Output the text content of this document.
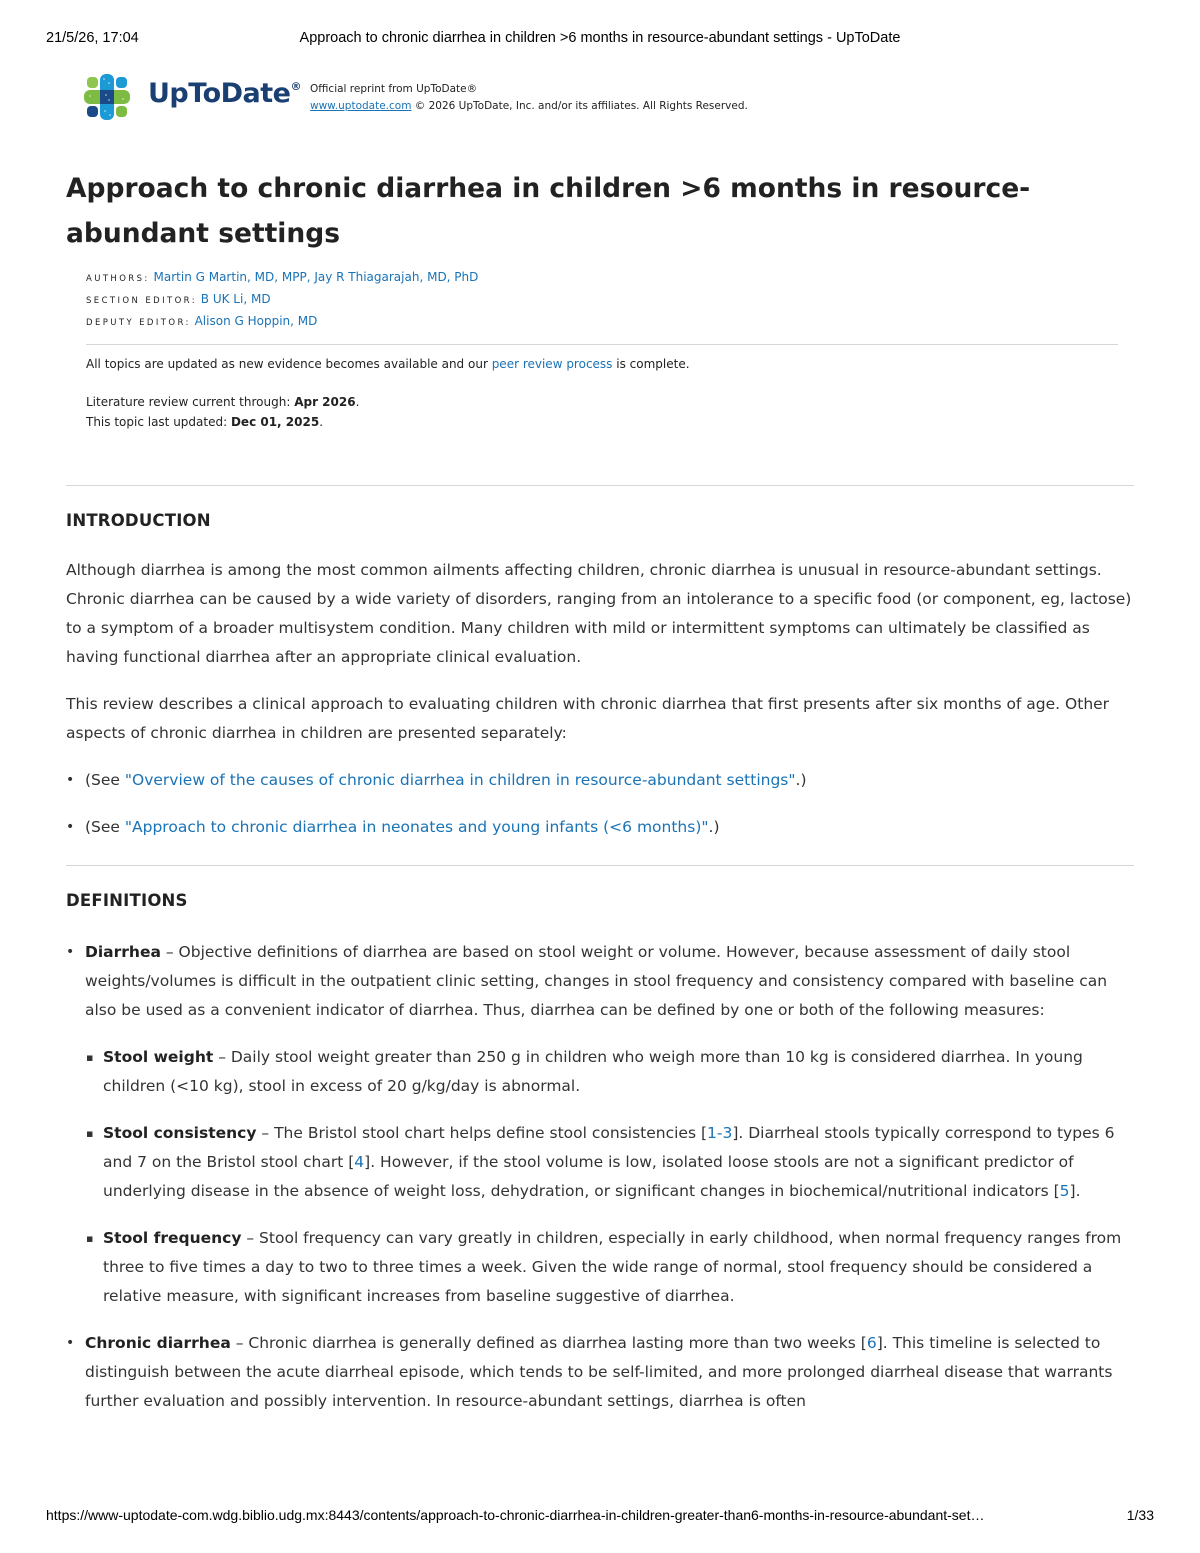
21/5/26, 17:04	Approach to chronic diarrhea in children >6 months in resource-abundant settings - UpToDate
UpToDate® Official reprint from UpToDate®
www.uptodate.com © 2026 UpToDate, Inc. and/or its affiliates. All Rights Reserved.
Approach to chronic diarrhea in children >6 months in resource-abundant settings
AUTHORS: Martin G Martin, MD, MPP, Jay R Thiagarajah, MD, PhD
SECTION EDITOR: B UK Li, MD
DEPUTY EDITOR: Alison G Hoppin, MD
All topics are updated as new evidence becomes available and our peer review process is complete.
Literature review current through: Apr 2026.
This topic last updated: Dec 01, 2025.
INTRODUCTION

Although diarrhea is among the most common ailments affecting children, chronic diarrhea is unusual in resource-abundant settings. Chronic diarrhea can be caused by a wide variety of disorders, ranging from an intolerance to a specific food (or component, eg, lactose) to a symptom of a broader multisystem condition. Many children with mild or intermittent symptoms can ultimately be classified as having functional diarrhea after an appropriate clinical evaluation.

This review describes a clinical approach to evaluating children with chronic diarrhea that first presents after six months of age. Other aspects of chronic diarrhea in children are presented separately:

• (See "Overview of the causes of chronic diarrhea in children in resource-abundant settings".)
• (See "Approach to chronic diarrhea in neonates and young infants (<6 months)".)
DEFINITIONS
• Diarrhea – Objective definitions of diarrhea are based on stool weight or volume. However, because assessment of daily stool weights/volumes is difficult in the outpatient clinic setting, changes in stool frequency and consistency compared with baseline can also be used as a convenient indicator of diarrhea. Thus, diarrhea can be defined by one or both of the following measures:
▪ Stool weight – Daily stool weight greater than 250 g in children who weigh more than 10 kg is considered diarrhea. In young children (<10 kg), stool in excess of 20 g/kg/day is abnormal.
▪ Stool consistency – The Bristol stool chart helps define stool consistencies [1-3]. Diarrheal stools typically correspond to types 6 and 7 on the Bristol stool chart [4]. However, if the stool volume is low, isolated loose stools are not a significant predictor of underlying disease in the absence of weight loss, dehydration, or significant changes in biochemical/nutritional indicators [5].
▪ Stool frequency – Stool frequency can vary greatly in children, especially in early childhood, when normal frequency ranges from three to five times a day to two to three times a week. Given the wide range of normal, stool frequency should be considered a relative measure, with significant increases from baseline suggestive of diarrhea.
• Chronic diarrhea – Chronic diarrhea is generally defined as diarrhea lasting more than two weeks [6]. This timeline is selected to distinguish between the acute diarrheal episode, which tends to be self-limited, and more prolonged diarrheal disease that warrants further evaluation and possibly intervention. In resource-abundant settings, diarrhea is often
https://www-uptodate-com.wdg.biblio.udg.mx:8443/contents/approach-to-chronic-diarrhea-in-children-greater-than6-months-in-resource-abundant-set…	1/33
